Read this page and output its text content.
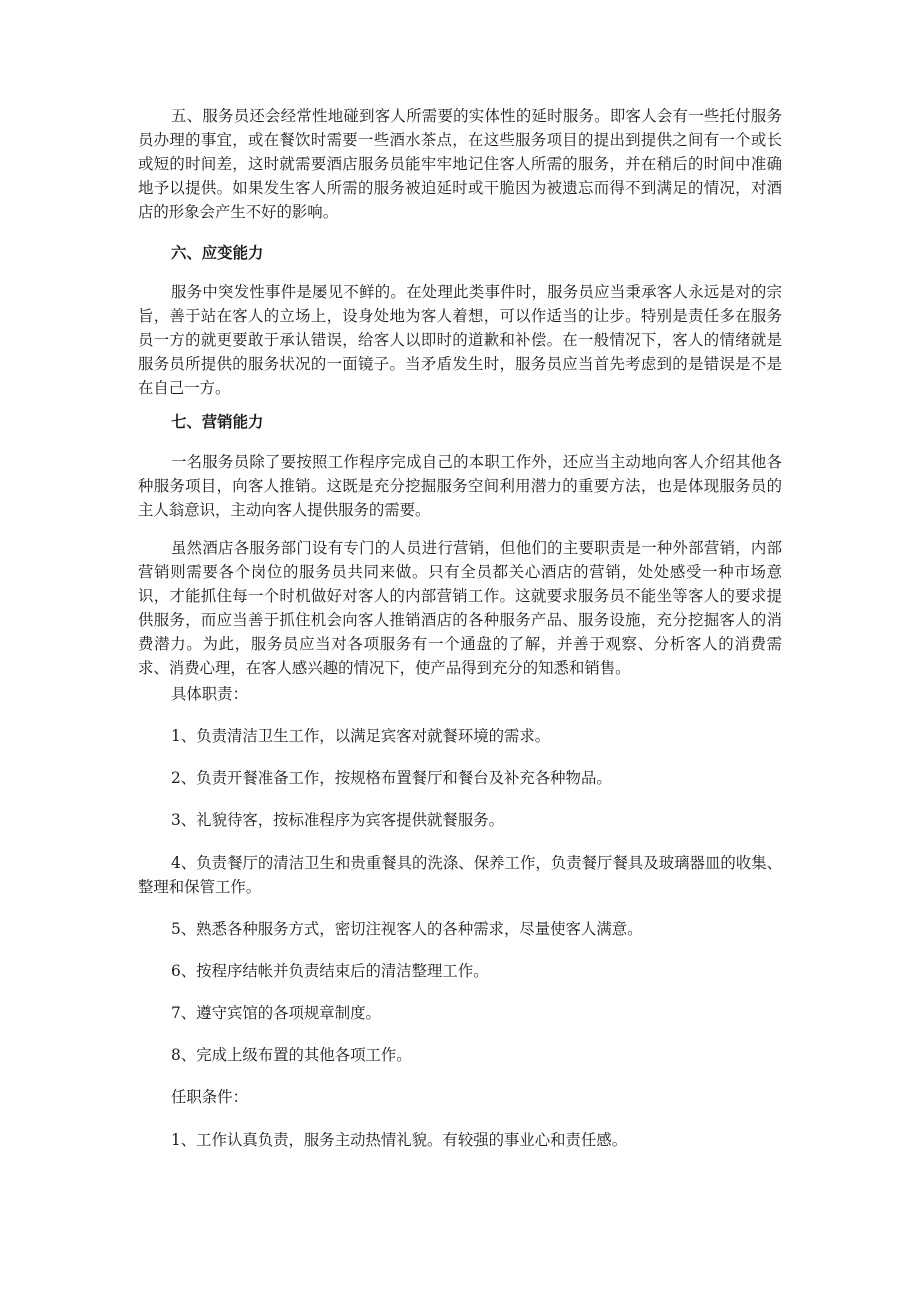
五、服务员还会经常性地碰到客人所需要的实体性的延时服务。即客人会有一些托付服务员办理的事宜，或在餐饮时需要一些酒水茶点，在这些服务项目的提出到提供之间有一个或长或短的时间差，这时就需要酒店服务员能牢牢地记住客人所需的服务，并在稍后的时间中准确地予以提供。如果发生客人所需的服务被迫延时或干脆因为被遗忘而得不到满足的情况，对酒店的形象会产生不好的影响。

六、应变能力

服务中突发性事件是屡见不鲜的。在处理此类事件时，服务员应当秉承客人永远是对的宗旨，善于站在客人的立场上，设身处地为客人着想，可以作适当的让步。特别是责任多在服务员一方的就更要敢于承认错误，给客人以即时的道歉和补偿。在一般情况下，客人的情绪就是服务员所提供的服务状况的一面镜子。当矛盾发生时，服务员应当首先考虑到的是错误是不是在自己一方。

七、营销能力

一名服务员除了要按照工作程序完成自己的本职工作外，还应当主动地向客人介绍其他各种服务项目，向客人推销。这既是充分挖掘服务空间利用潜力的重要方法，也是体现服务员的主人翁意识，主动向客人提供服务的需要。

虽然酒店各服务部门设有专门的人员进行营销，但他们的主要职责是一种外部营销，内部营销则需要各个岗位的服务员共同来做。只有全员都关心酒店的营销，处处感受一种市场意识，才能抓住每一个时机做好对客人的内部营销工作。这就要求服务员不能坐等客人的要求提供服务，而应当善于抓住机会向客人推销酒店的各种服务产品、服务设施，充分挖掘客人的消费潜力。为此，服务员应当对各项服务有一个通盘的了解，并善于观察、分析客人的消费需求、消费心理，在客人感兴趣的情况下，使产品得到充分的知悉和销售。

具体职责：

1、负责清洁卫生工作，以满足宾客对就餐环境的需求。

2、负责开餐准备工作，按规格布置餐厅和餐台及补充各种物品。

3、礼貌待客，按标准程序为宾客提供就餐服务。

4、负责餐厅的清洁卫生和贵重餐具的洗涤、保养工作，负责餐厅餐具及玻璃器皿的收集、整理和保管工作。

5、熟悉各种服务方式，密切注视客人的各种需求，尽量使客人满意。

6、按程序结帐并负责结束后的清洁整理工作。

7、遵守宾馆的各项规章制度。

8、完成上级布置的其他各项工作。

任职条件：

1、工作认真负责，服务主动热情礼貌。有较强的事业心和责任感。
